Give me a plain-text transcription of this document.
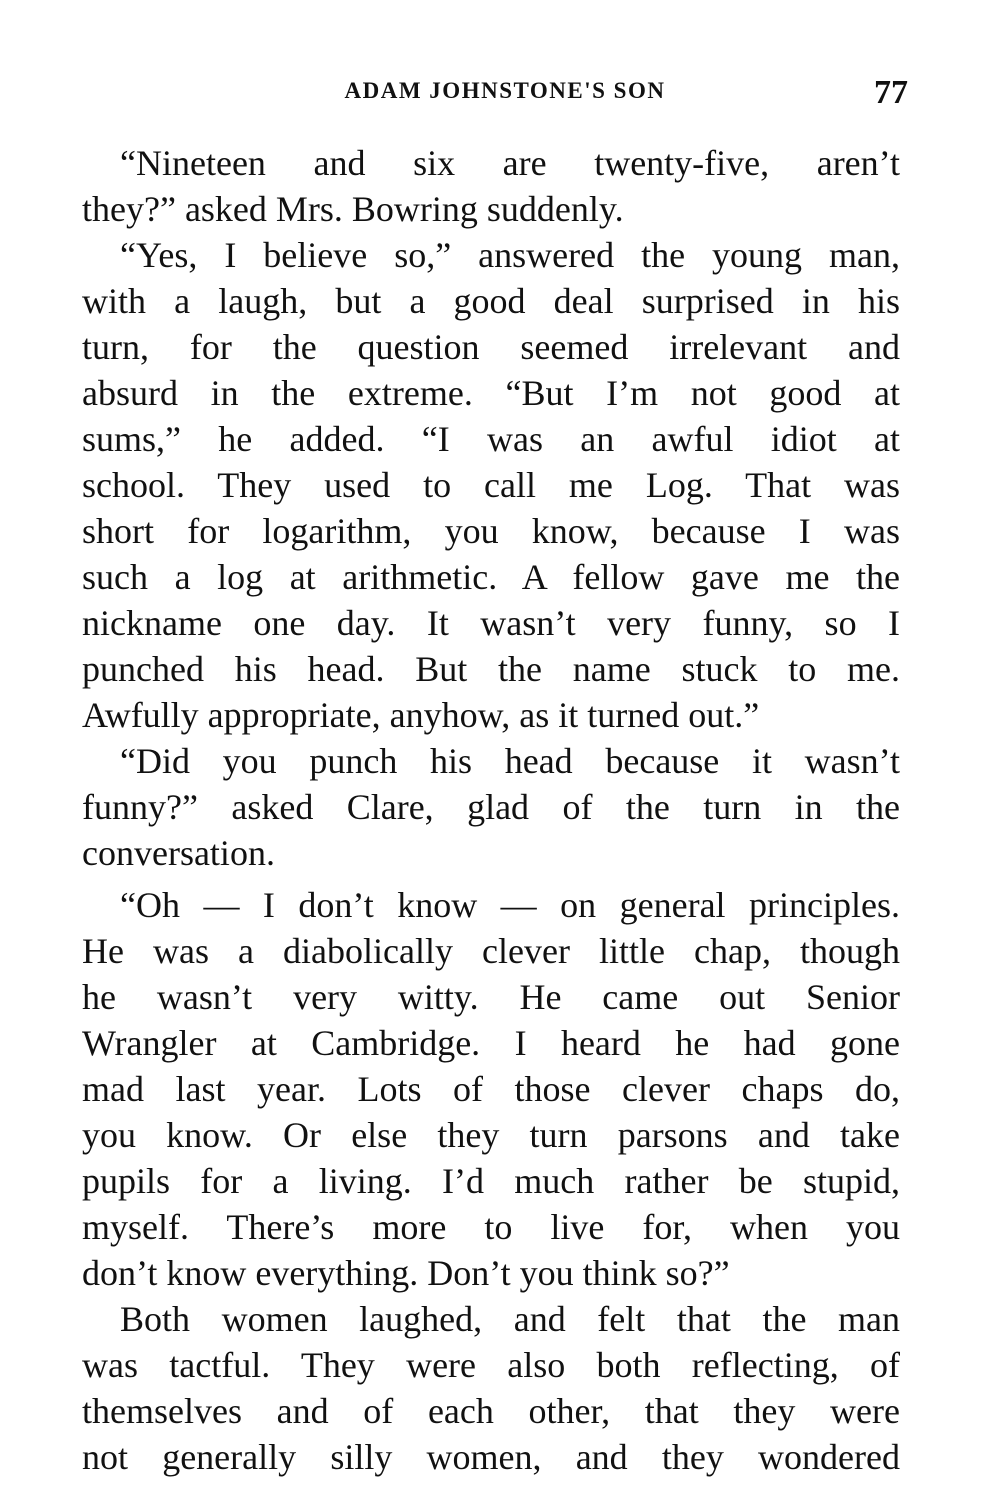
ADAM JOHNSTONE'S SON	77
“Nineteen and six are twenty-five, aren’t
they?” asked Mrs. Bowring suddenly.
“Yes, I believe so,” answered the young man,
with a laugh, but a good deal surprised in his
turn, for the question seemed irrelevant and
absurd in the extreme. “But I’m not good at
sums,” he added. “I was an awful idiot at
school. They used to call me Log. That was
short for logarithm, you know, because I was
such a log at arithmetic. A fellow gave me the
nickname one day. It wasn’t very funny, so I
punched his head. But the name stuck to me.
Awfully appropriate, anyhow, as it turned out.”
“Did you punch his head because it wasn’t
funny?” asked Clare, glad of the turn in the
conversation.
“Oh — I don’t know — on general principles.
He was a diabolically clever little chap, though
he wasn’t very witty. He came out Senior
Wrangler at Cambridge. I heard he had gone
mad last year. Lots of those clever chaps do,
you know. Or else they turn parsons and take
pupils for a living. I’d much rather be stupid,
myself. There’s more to live for, when you
don’t know everything. Don’t you think so?”
Both women laughed, and felt that the man
was tactful. They were also both reflecting, of
themselves and of each other, that they were
not generally silly women, and they wondered
